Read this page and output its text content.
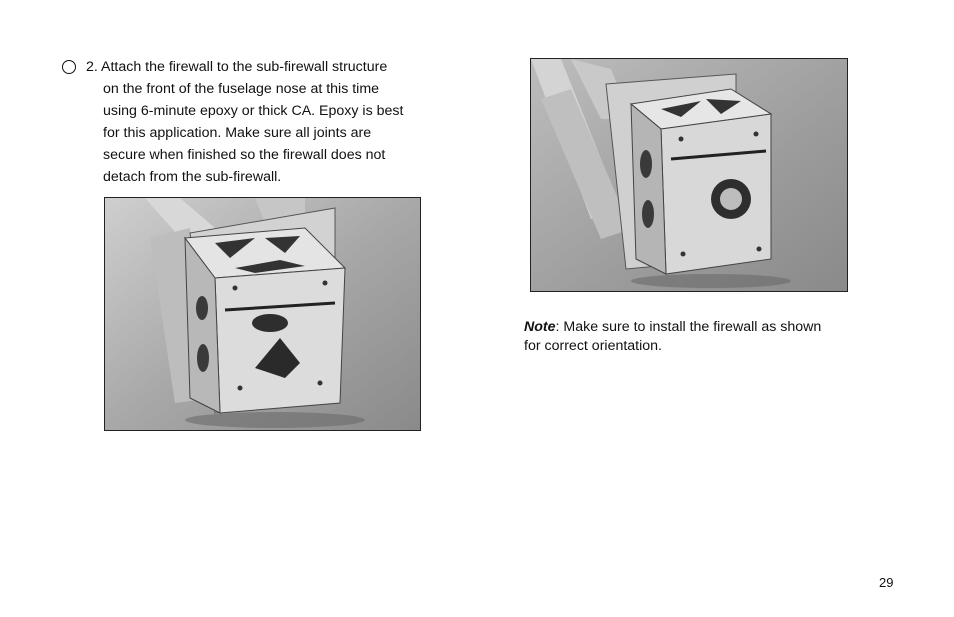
2. Attach the firewall to the sub-firewall structure
on the front of the fuselage nose at this time
using 6-minute epoxy or thick CA. Epoxy is best
for this application. Make sure all joints are
secure when finished so the firewall does not
detach from the sub-firewall.
Note: Make sure to install the firewall as shown
for correct orientation.
29
